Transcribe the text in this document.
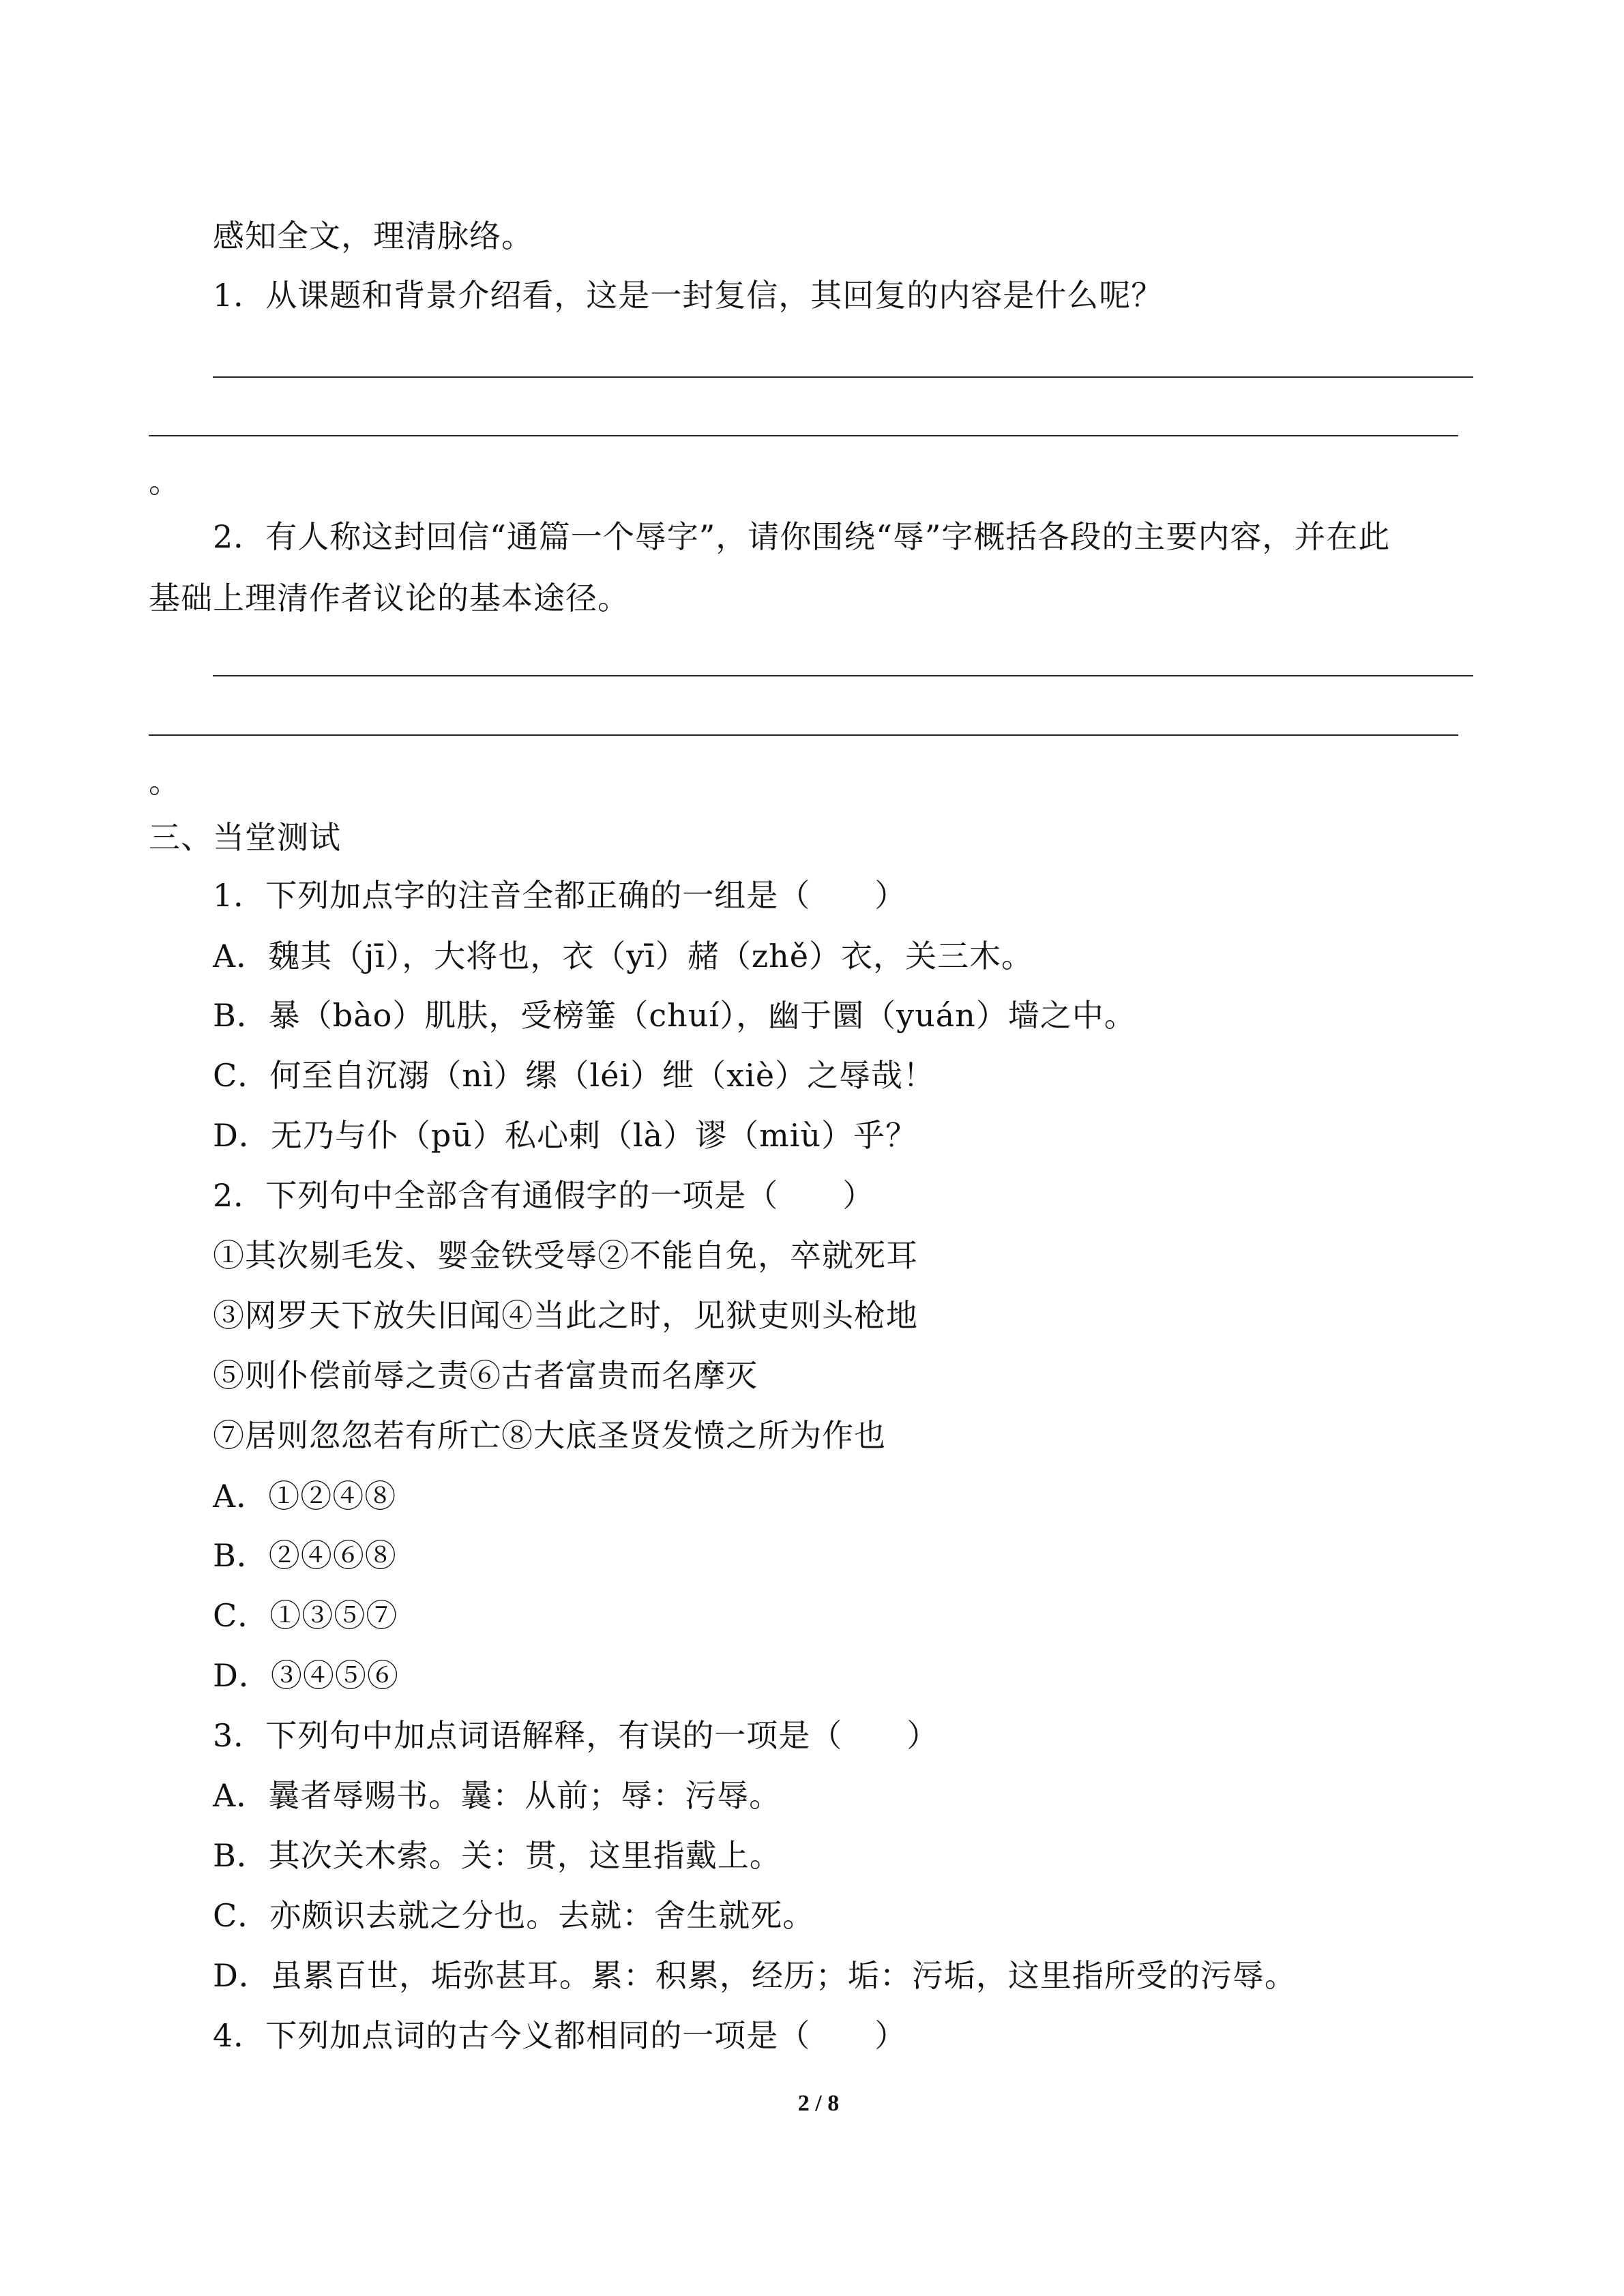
感知全文，理清脉络。
1．从课题和背景介绍看，这是一封复信，其回复的内容是什么呢？
。
2．有人称这封回信“通篇一个辱字”，请你围绕“辱”字概括各段的主要内容，并在此
基础上理清作者议论的基本途径。
。
三、当堂测试
1．下列加点字的注音全都正确的一组是（　　）
A．魏其（jī），大将也，衣（yī）赭（zhě）衣，关三木。
B．暴（bào）肌肤，受榜箠（chuí），幽于圜（yuán）墙之中。
C．何至自沉溺（nì）缧（léi）绁（xiè）之辱哉！
D．无乃与仆（pū）私心剌（là）谬（miù）乎？
2．下列句中全部含有通假字的一项是（　　）
①其次剔毛发、婴金铁受辱②不能自免，卒就死耳
③网罗天下放失旧闻④当此之时，见狱吏则头枪地
⑤则仆偿前辱之责⑥古者富贵而名摩灭
⑦居则忽忽若有所亡⑧大底圣贤发愤之所为作也
A．①②④⑧
B．②④⑥⑧
C．①③⑤⑦
D．③④⑤⑥
3．下列句中加点词语解释，有误的一项是（　　）
A．曩者辱赐书。曩：从前；辱：污辱。
B．其次关木索。关：贯，这里指戴上。
C．亦颇识去就之分也。去就：舍生就死。
D．虽累百世，垢弥甚耳。累：积累，经历；垢：污垢，这里指所受的污辱。
4．下列加点词的古今义都相同的一项是（　　）
2 / 8
